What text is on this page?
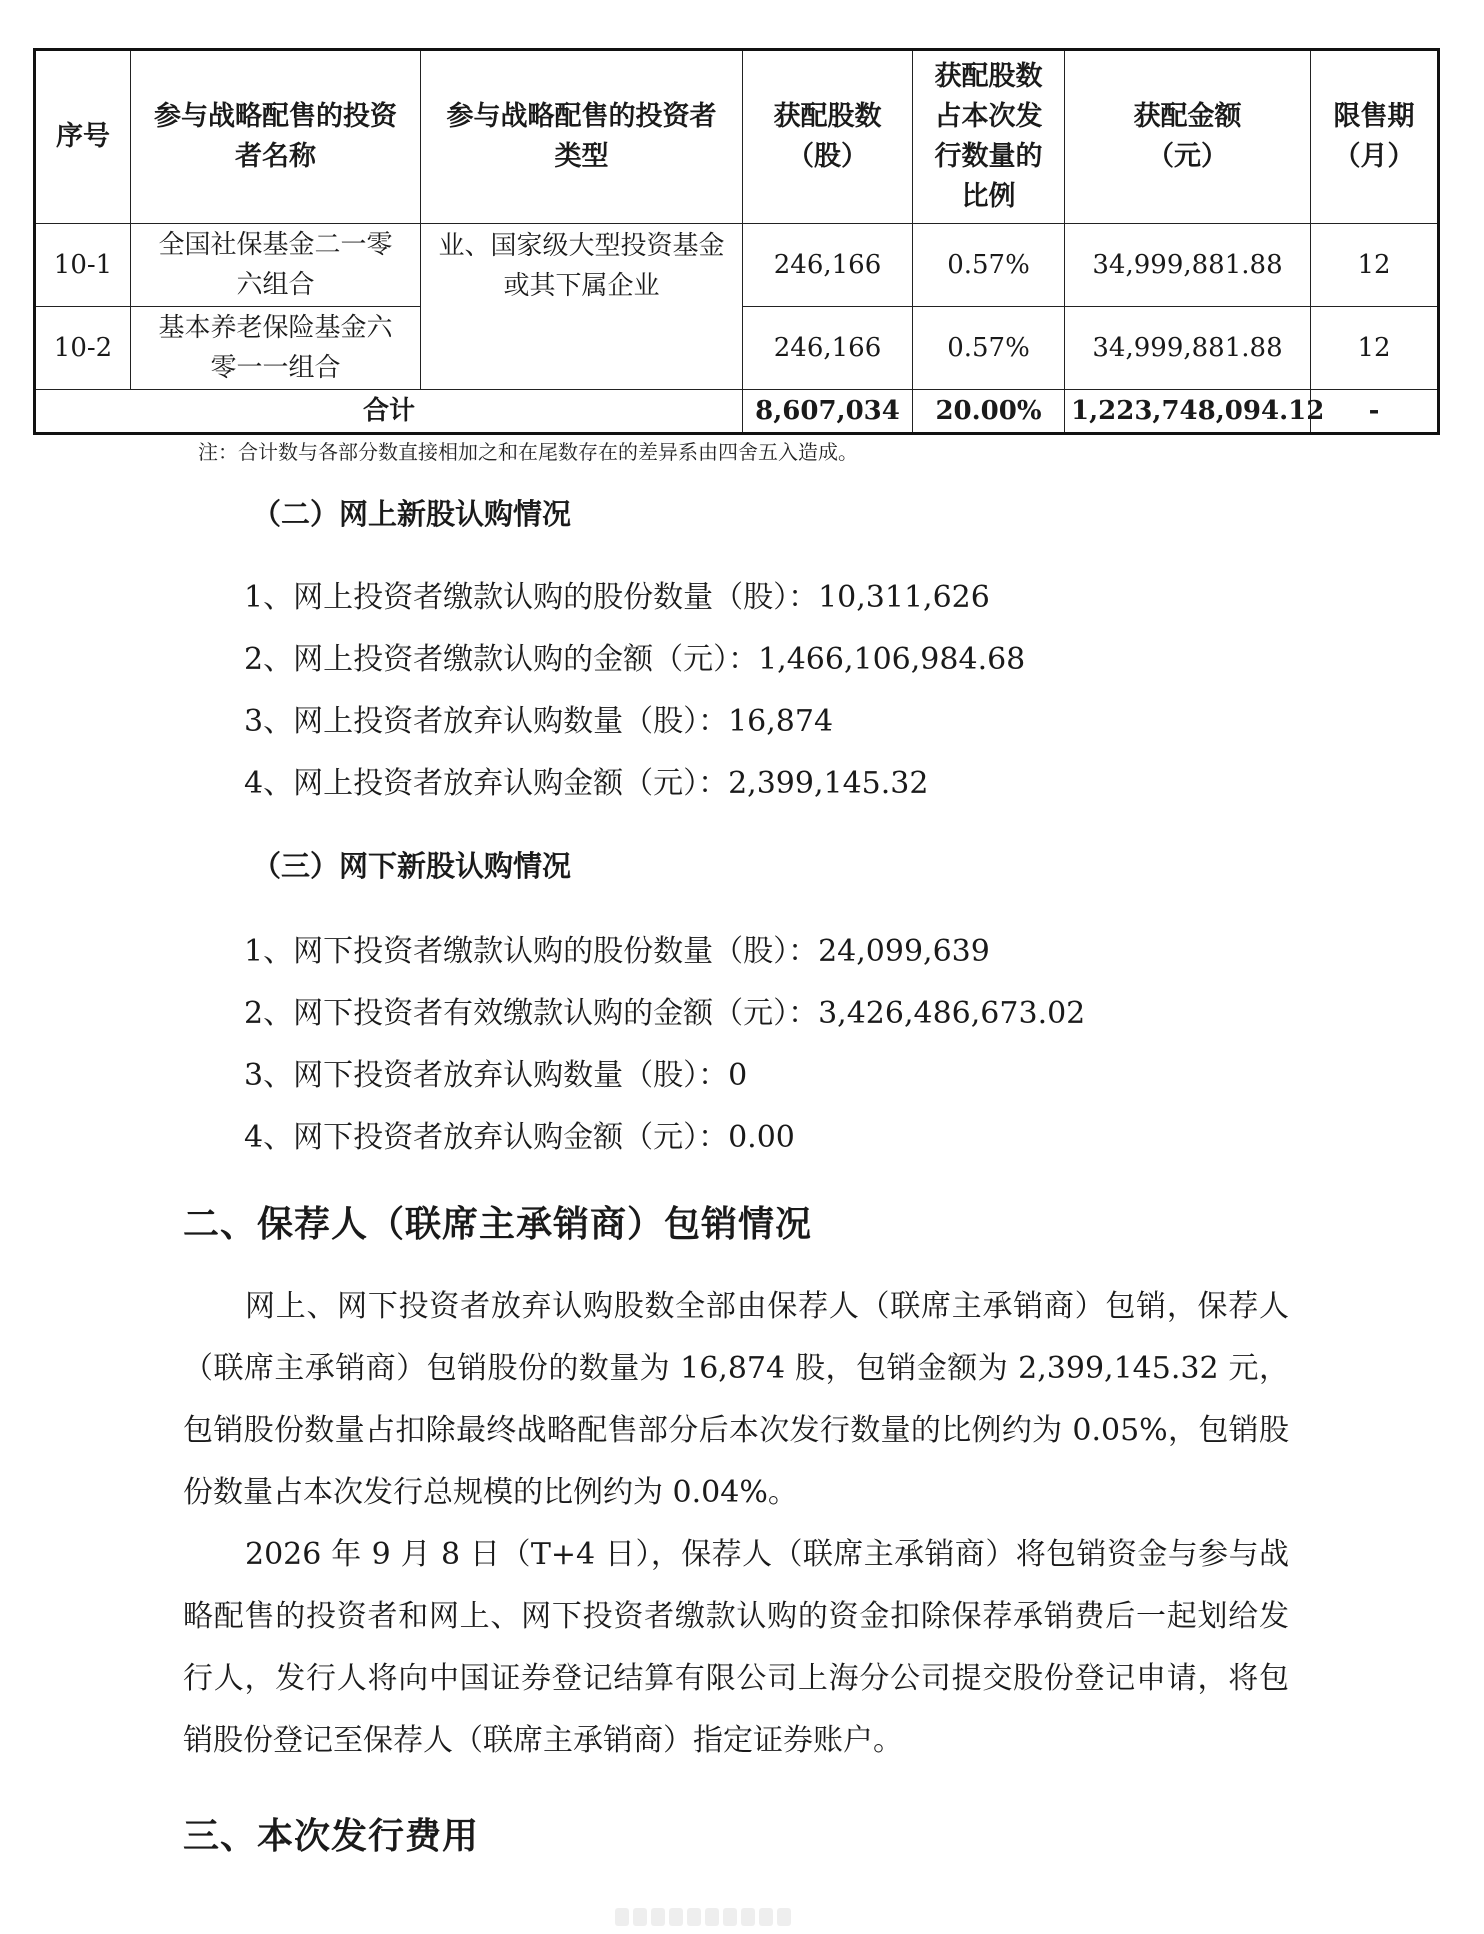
序号	参与战略配售的投资者名称	参与战略配售的投资者类型	获配股数（股）	获配股数占本次发行数量的比例	获配金额（元）	限售期（月）
10-1	全国社保基金二一零六组合	业、国家级大型投资基金或其下属企业	246,166	0.57%	34,999,881.88	12
10-2	基本养老保险基金六零一一组合		246,166	0.57%	34,999,881.88	12
合计			8,607,034	20.00%	1,223,748,094.12	-
注：合计数与各部分数直接相加之和在尾数存在的差异系由四舍五入造成。
（二）网上新股认购情况
1、网上投资者缴款认购的股份数量（股）：10,311,626
2、网上投资者缴款认购的金额（元）：1,466,106,984.68
3、网上投资者放弃认购数量（股）：16,874
4、网上投资者放弃认购金额（元）：2,399,145.32
（三）网下新股认购情况
1、网下投资者缴款认购的股份数量（股）：24,099,639
2、网下投资者有效缴款认购的金额（元）：3,426,486,673.02
3、网下投资者放弃认购数量（股）：0
4、网下投资者放弃认购金额（元）：0.00
二、保荐人（联席主承销商）包销情况
网上、网下投资者放弃认购股数全部由保荐人（联席主承销商）包销，保荐人（联席主承销商）包销股份的数量为 16,874 股，包销金额为 2,399,145.32 元，包销股份数量占扣除最终战略配售部分后本次发行数量的比例约为 0.05%，包销股份数量占本次发行总规模的比例约为 0.04%。
2026 年 9 月 8 日（T+4 日），保荐人（联席主承销商）将包销资金与参与战略配售的投资者和网上、网下投资者缴款认购的资金扣除保荐承销费后一起划给发行人，发行人将向中国证券登记结算有限公司上海分公司提交股份登记申请，将包销股份登记至保荐人（联席主承销商）指定证券账户。
三、本次发行费用
